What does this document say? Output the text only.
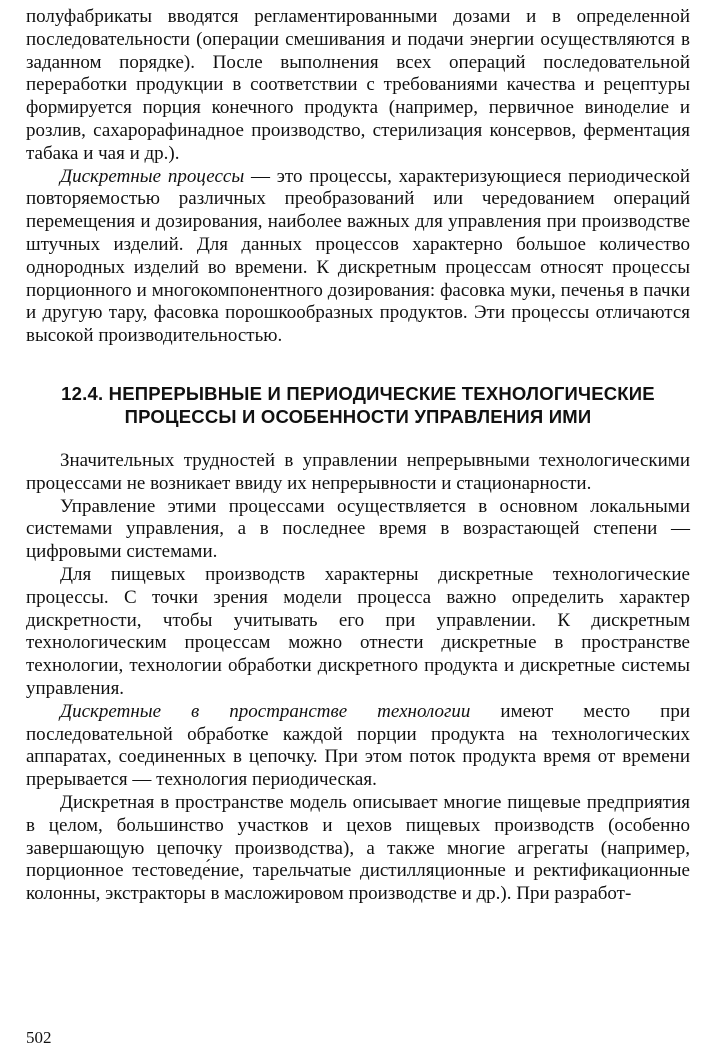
полуфабрикаты вводятся регламентированными дозами и в определенной последовательности (операции смешивания и подачи энергии осуществляются в заданном порядке). После выполнения всех операций последовательной переработки продукции в соответствии с требованиями качества и рецептуры формируется порция конечного продукта (например, первичное виноделие и розлив, сахарорафинадное производство, стерилизация консервов, ферментация табака и чая и др.).

Дискретные процессы — это процессы, характеризующиеся периодической повторяемостью различных преобразований или чередованием операций перемещения и дозирования, наиболее важных для управления при производстве штучных изделий. Для данных процессов характерно большое количество однородных изделий во времени. К дискретным процессам относят процессы порционного и многокомпонентного дозирования: фасовка муки, печенья в пачки и другую тару, фасовка порошкообразных продуктов. Эти процессы отличаются высокой производительностью.

12.4. НЕПРЕРЫВНЫЕ И ПЕРИОДИЧЕСКИЕ ТЕХНОЛОГИЧЕСКИЕ
ПРОЦЕССЫ И ОСОБЕННОСТИ УПРАВЛЕНИЯ ИМИ

Значительных трудностей в управлении непрерывными технологическими процессами не возникает ввиду их непрерывности и стационарности.

Управление этими процессами осуществляется в основном локальными системами управления, а в последнее время в возрастающей степени — цифровыми системами.

Для пищевых производств характерны дискретные технологические процессы. С точки зрения модели процесса важно определить характер дискретности, чтобы учитывать его при управлении. К дискретным технологическим процессам можно отнести дискретные в пространстве технологии, технологии обработки дискретного продукта и дискретные системы управления.

Дискретные в пространстве технологии имеют место при последовательной обработке каждой порции продукта на технологических аппаратах, соединенных в цепочку. При этом поток продукта время от времени прерывается — технология периодическая.

Дискретная в пространстве модель описывает многие пищевые предприятия в целом, большинство участков и цехов пищевых производств (особенно завершающую цепочку производства), а также многие агрегаты (например, порционное тестоведе́ние, тарельчатые дистилляционные и ректификационные колонны, экстракторы в масложировом производстве и др.). При разработ-

502
